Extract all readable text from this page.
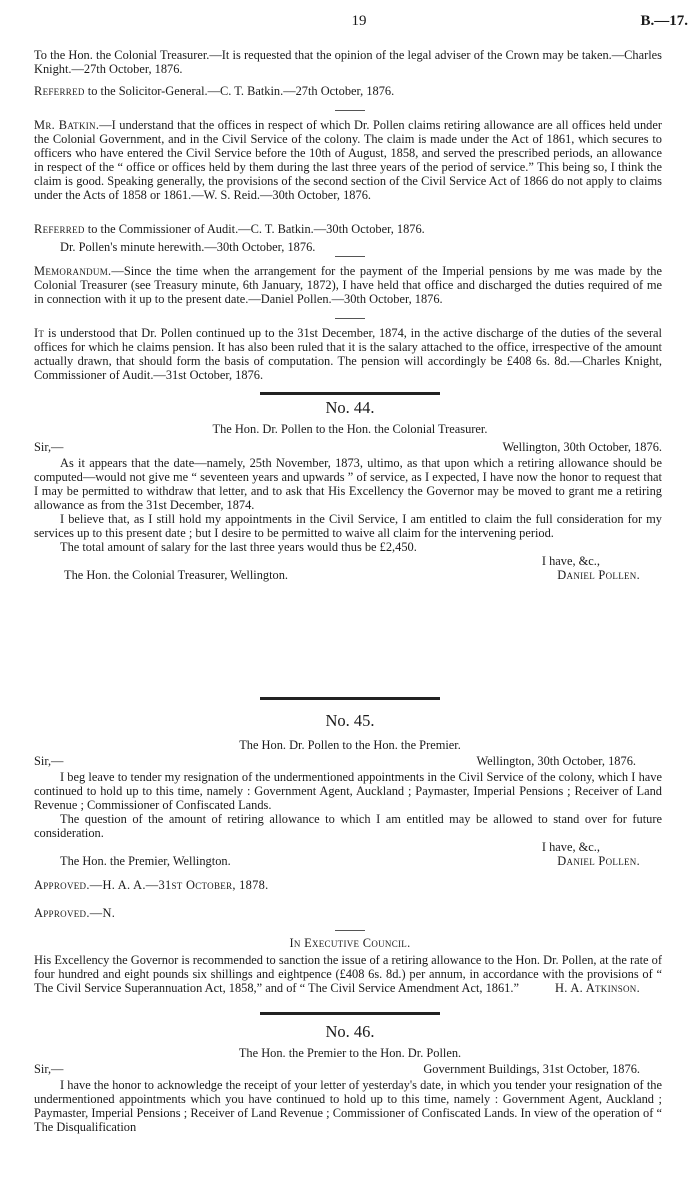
19	B.—17.

To the Hon. the Colonial Treasurer.—It is requested that the opinion of the legal adviser of the Crown may be taken.—Charles Knight.—27th October, 1876.

Referred to the Solicitor-General.—C. T. Batkin.—27th October, 1876.

Mr. Batkin.—I understand that the offices in respect of which Dr. Pollen claims retiring allowance are all offices held under the Colonial Government, and in the Civil Service of the colony. The claim is made under the Act of 1861, which secures to officers who have entered the Civil Service before the 10th of August, 1858, and served the prescribed periods, an allowance in respect of the “ office or offices held by them during the last three years of the period of service.” This being so, I think the claim is good. Speaking generally, the provisions of the second section of the Civil Service Act of 1866 do not apply to claims under the Acts of 1858 or 1861.—W. S. Reid.—30th October, 1876.

Referred to the Commissioner of Audit.—C. T. Batkin.—30th October, 1876.

Dr. Pollen's minute herewith.—30th October, 1876.

Memorandum.—Since the time when the arrangement for the payment of the Imperial pensions by me was made by the Colonial Treasurer (see Treasury minute, 6th January, 1872), I have held that office and discharged the duties required of me in connection with it up to the present date.—Daniel Pollen.—30th October, 1876.

It is understood that Dr. Pollen continued up to the 31st December, 1874, in the active discharge of the duties of the several offices for which he claims pension. It has also been ruled that it is the salary attached to the office, irrespective of the amount actually drawn, that should form the basis of computation. The pension will accordingly be £408 6s. 8d.—Charles Knight, Commissioner of Audit.—31st October, 1876.

No. 44.
The Hon. Dr. Pollen to the Hon. the Colonial Treasurer.
Sir,—	Wellington, 30th October, 1876.

As it appears that the date—namely, 25th November, 1873, ultimo, as that upon which a retiring allowance should be computed—would not give me “ seventeen years and upwards ” of service, as I expected, I have now the honor to request that I may be permitted to withdraw that letter, and to ask that His Excellency the Governor may be moved to grant me a retiring allowance as from the 31st December, 1874.

I believe that, as I still hold my appointments in the Civil Service, I am entitled to claim the full consideration for my services up to this present date ; but I desire to be permitted to waive all claim for the intervening period.

The total amount of salary for the last three years would thus be £2,450.

I have, &c.,
The Hon. the Colonial Treasurer, Wellington.	Daniel Pollen.
No. 45.
The Hon. Dr. Pollen to the Hon. the Premier.
Sir,—	Wellington, 30th October, 1876.

I beg leave to tender my resignation of the undermentioned appointments in the Civil Service of the colony, which I have continued to hold up to this time, namely : Government Agent, Auckland ; Paymaster, Imperial Pensions ; Receiver of Land Revenue ; Commissioner of Confiscated Lands.

The question of the amount of retiring allowance to which I am entitled may be allowed to stand over for future consideration.

I have, &c.,
The Hon. the Premier, Wellington.	Daniel Pollen.

Approved.—H. A. A.—31st October, 1878.

Approved.—N.

In Executive Council.

His Excellency the Governor is recommended to sanction the issue of a retiring allowance to the Hon. Dr. Pollen, at the rate of four hundred and eight pounds six shillings and eightpence (£408 6s. 8d.) per annum, in accordance with the provisions of “ The Civil Service Superannuation Act, 1858,” and of “ The Civil Service Amendment Act, 1861.”	H. A. Atkinson.
No. 46.
The Hon. the Premier to the Hon. Dr. Pollen.
Sir,—	Government Buildings, 31st October, 1876.

I have the honor to acknowledge the receipt of your letter of yesterday's date, in which you tender your resignation of the undermentioned appointments which you have continued to hold up to this time, namely : Government Agent, Auckland ; Paymaster, Imperial Pensions ; Receiver of Land Revenue ; Commissioner of Confiscated Lands. In view of the operation of “ The Disqualification
